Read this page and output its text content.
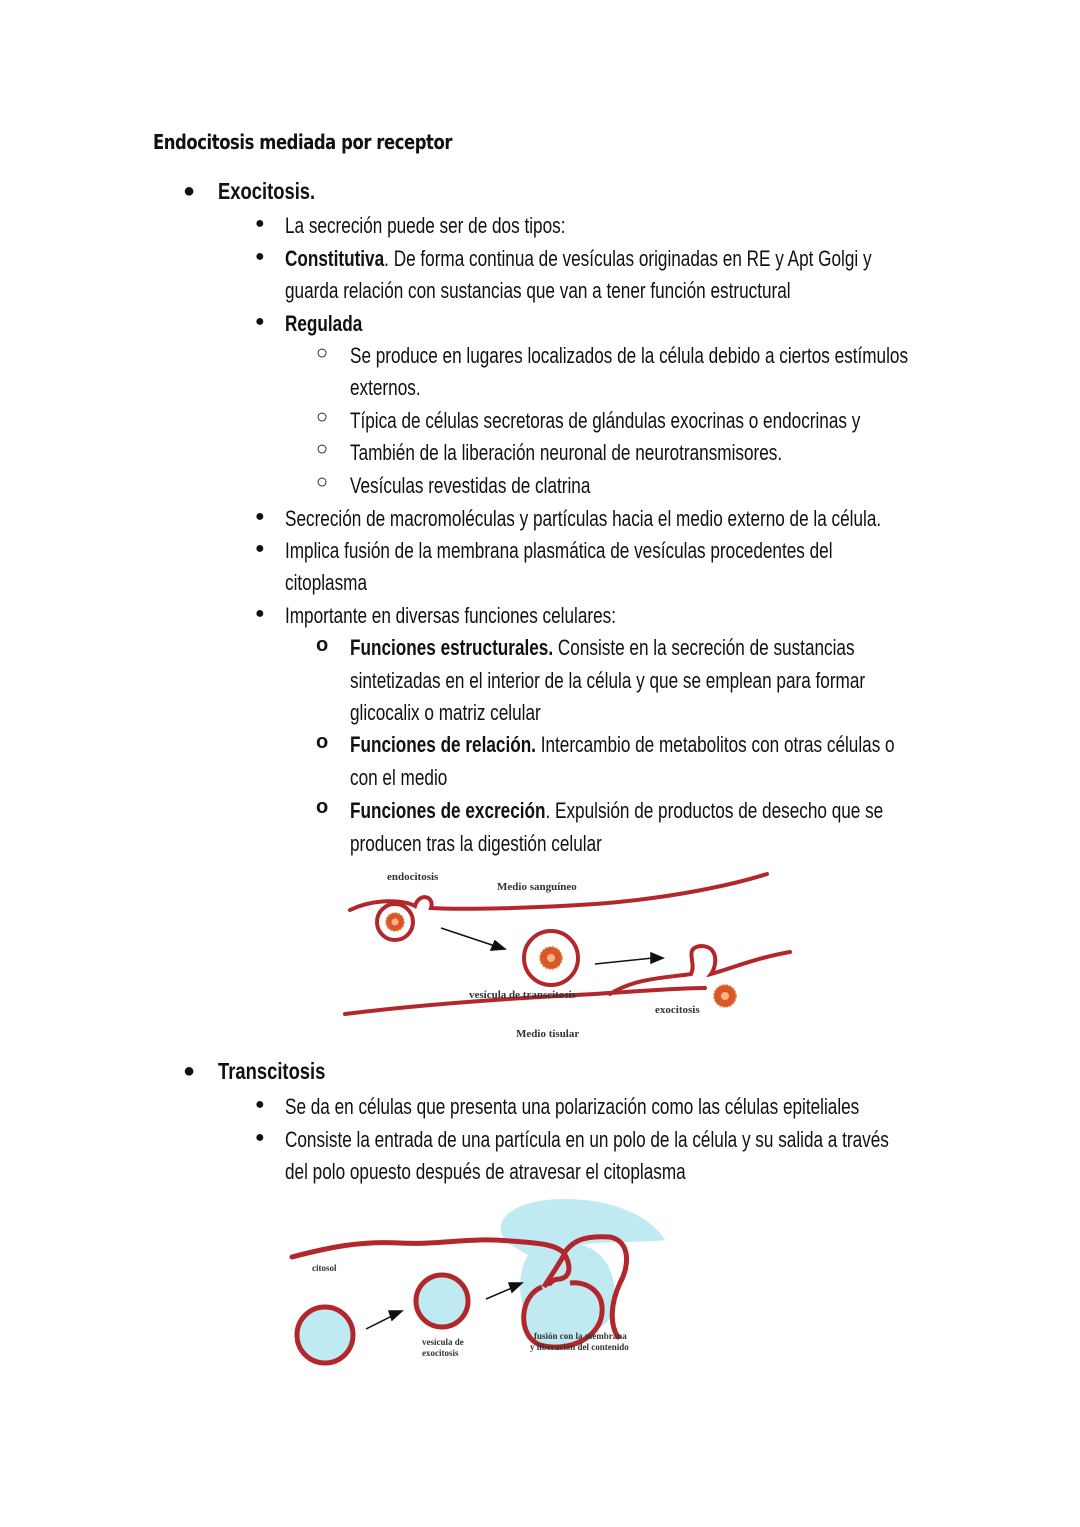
Endocitosis mediada por receptor
● Exocitosis.
● La secreción puede ser de dos tipos:
● Constitutiva. De forma continua de vesículas originadas en RE y Apt Golgi y
guarda relación con sustancias que van a tener función estructural
● Regulada
○ Se produce en lugares localizados de la célula debido a ciertos estímulos
externos.
○ Típica de células secretoras de glándulas exocrinas o endocrinas y
○ También de la liberación neuronal de neurotransmisores.
○ Vesículas revestidas de clatrina
● Secreción de macromoléculas y partículas hacia el medio externo de la célula.
● Implica fusión de la membrana plasmática de vesículas procedentes del
citoplasma
● Importante en diversas funciones celulares:
o Funciones estructurales. Consiste en la secreción de sustancias
sintetizadas en el interior de la célula y que se emplean para formar
glicocalix o matriz celular
o Funciones de relación. Intercambio de metabolitos con otras células o
con el medio
o Funciones de excreción. Expulsión de productos de desecho que se
producen tras la digestión celular
endocitosis
Medio sanguíneo
vesícula de transcitosis
exocitosis
Medio tisular
● Transcitosis
● Se da en células que presenta una polarización como las células epiteliales
● Consiste la entrada de una partícula en un polo de la célula y su salida a través
del polo opuesto después de atravesar el citoplasma
citosol
vesícula de
exocitosis
fusión con la membrana
y liberación del contenido
